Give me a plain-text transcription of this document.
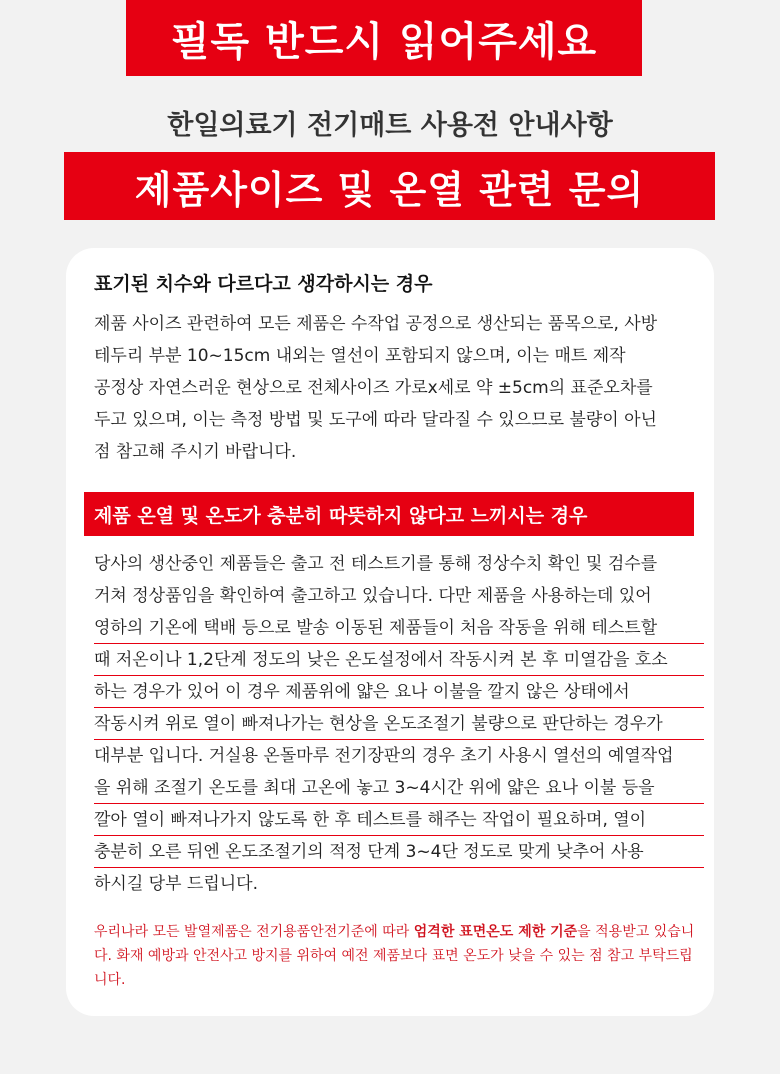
필독 반드시 읽어주세요
한일의료기 전기매트 사용전 안내사항
제품사이즈 및 온열 관련 문의
표기된 치수와 다르다고 생각하시는 경우
제품 사이즈 관련하여 모든 제품은 수작업 공정으로 생산되는 품목으로, 사방
테두리 부분 10~15cm 내외는 열선이 포함되지 않으며, 이는 매트 제작
공정상 자연스러운 현상으로 전체사이즈 가로x세로 약 ±5cm의 표준오차를
두고 있으며, 이는 측정 방법 및 도구에 따라 달라질 수 있으므로 불량이 아닌
점 참고해 주시기 바랍니다.
제품 온열 및 온도가 충분히 따뜻하지 않다고 느끼시는 경우
당사의 생산중인 제품들은 출고 전 테스트기를 통해 정상수치 확인 및 검수를
거쳐 정상품임을 확인하여 출고하고 있습니다. 다만 제품을 사용하는데 있어
영하의 기온에 택배 등으로 발송 이동된 제품들이 처음 작동을 위해 테스트할
때 저온이나 1,2단계 정도의 낮은 온도설정에서 작동시켜 본 후 미열감을 호소
하는 경우가 있어 이 경우 제품위에 얇은 요나 이불을 깔지 않은 상태에서
작동시켜 위로 열이 빠져나가는 현상을 온도조절기 불량으로 판단하는 경우가
대부분 입니다. 거실용 온돌마루 전기장판의 경우 초기 사용시 열선의 예열작업
을 위해 조절기 온도를 최대 고온에 놓고 3~4시간 위에 얇은 요나 이불 등을
깔아 열이 빠져나가지 않도록 한 후 테스트를 해주는 작업이 필요하며, 열이
충분히 오른 뒤엔 온도조절기의 적정 단계 3~4단 정도로 맞게 낮추어 사용
하시길 당부 드립니다.
우리나라 모든 발열제품은 전기용품안전기준에 따라 엄격한 표면온도 제한 기준을 적용받고 있습니다. 화재 예방과 안전사고 방지를 위하여 예전 제품보다 표면 온도가 낮을 수 있는 점 참고 부탁드립니다.
